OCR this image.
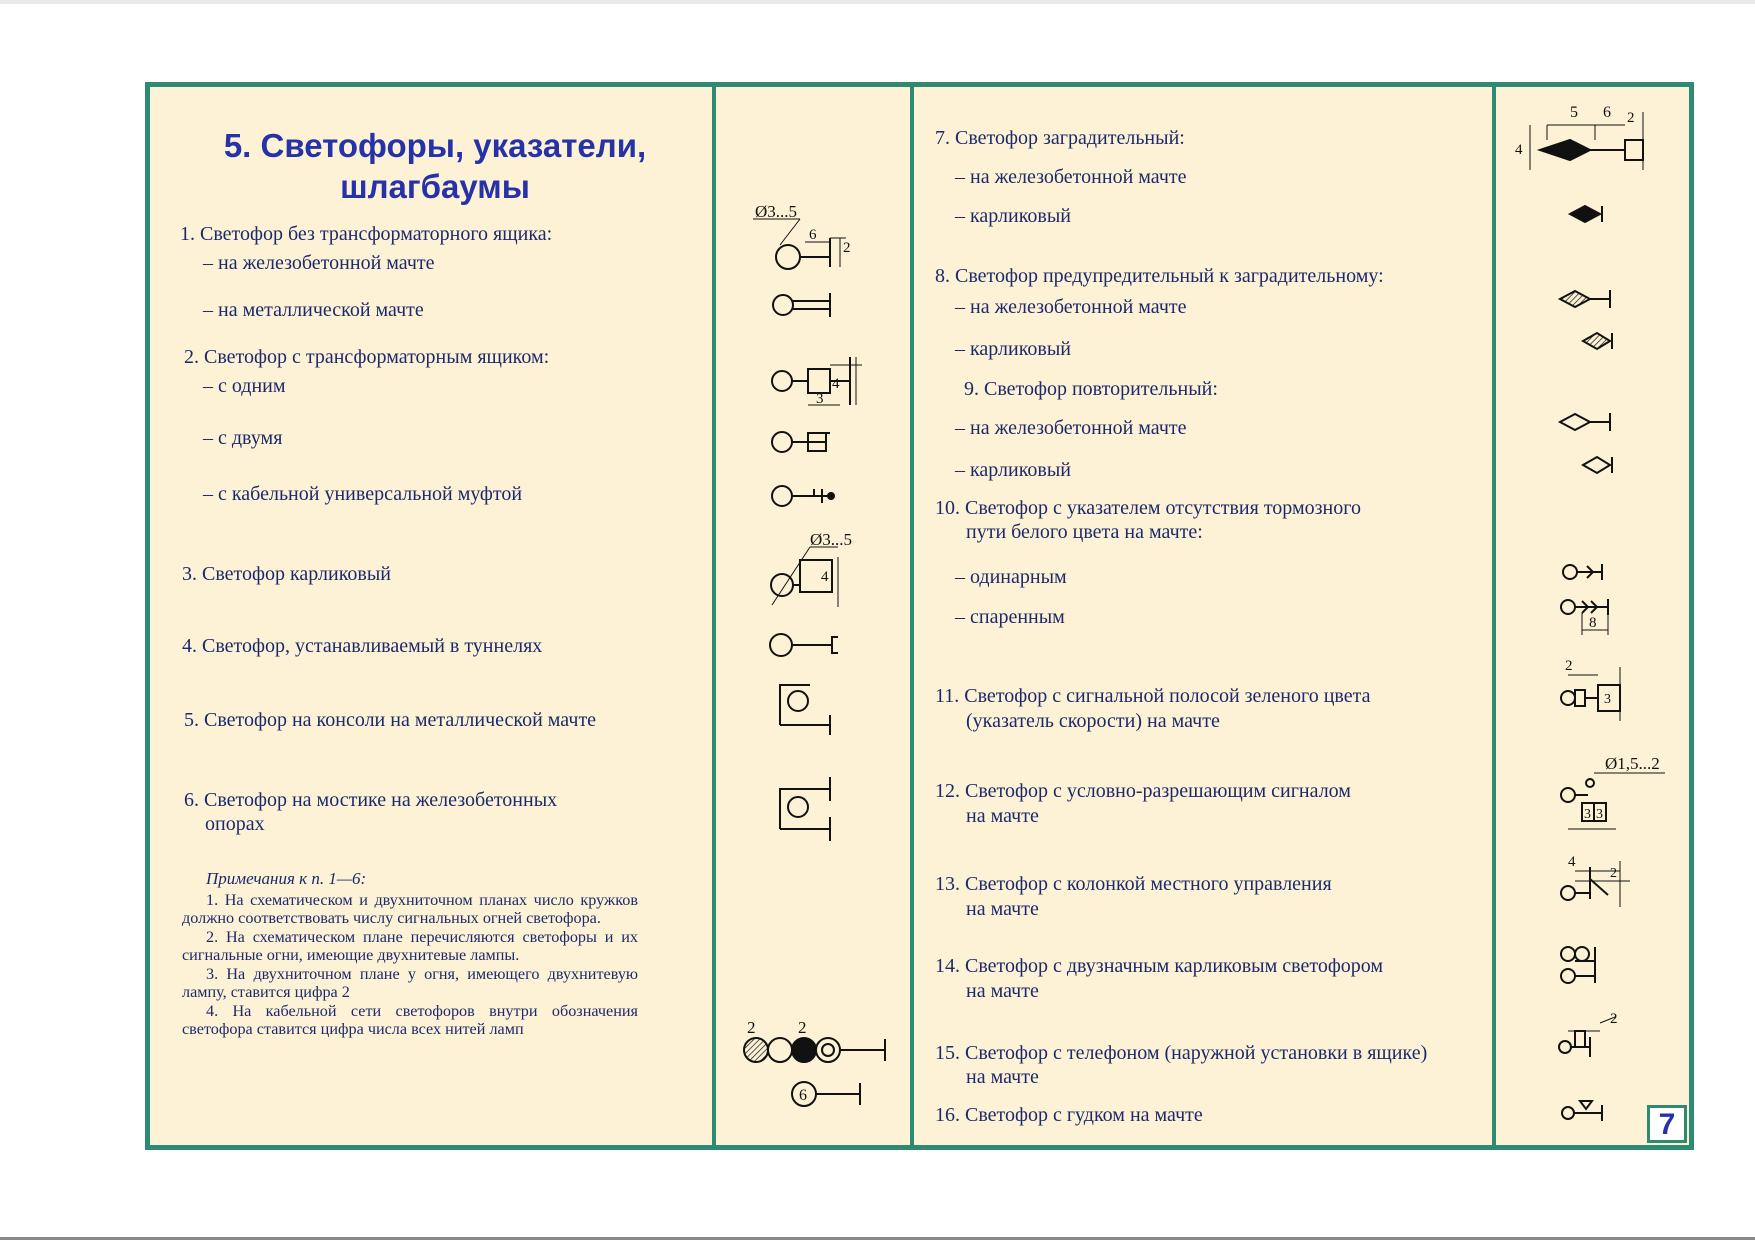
5. Светофоры, указатели, шлагбаумы
1. Светофор без трансформаторного ящика:
– на железобетонной мачте
– на металлической мачте
2. Светофор с трансформаторным ящиком:
– с одним
– с двумя
– с кабельной универсальной муфтой
3. Светофор карликовый
4. Светофор, устанавливаемый в туннелях
5. Светофор на консоли на металлической мачте
6. Светофор на мостике на железобетонных
опорах
Примечания к п. 1—6:

1. На схематическом и двухниточном планах число кружков должно соответствовать числу сигнальных огней светофора.

2. На схематическом плане перечисляются светофоры и их сигнальные огни, имеющие двухнитевые лампы.

3. На двухниточном плане у огня, имеющего двухнитевую лампу, ставится цифра 2

4. На кабельной сети светофоров внутри обозначения светофора ставится цифра числа всех нитей ламп

7. Светофор заградительный:
– на железобетонной мачте
– карликовый
8. Светофор предупредительный к заградительному:
– на железобетонной мачте
– карликовый
9. Светофор повторительный:
– на железобетонной мачте
– карликовый
10. Светофор с указателем отсутствия тормозного
пути белого цвета на мачте:
– одинарным
– спаренным
11. Светофор с сигнальной полосой зеленого цвета
(указатель скорости) на мачте
12. Светофор с условно-разрешающим сигналом
на мачте
13. Светофор с колонкой местного управления
на мачте
14. Светофор с двузначным карликовым светофором
на мачте
15. Светофор с телефоном (наружной установки в ящике)
на мачте
16. Светофор с гудком на мачте
Ø3...5
6
2
3
4
Ø3...5
4
2	2
6
5 6 2
4
8
2
3
Ø1,5...2
3 3
4
2
2
7
